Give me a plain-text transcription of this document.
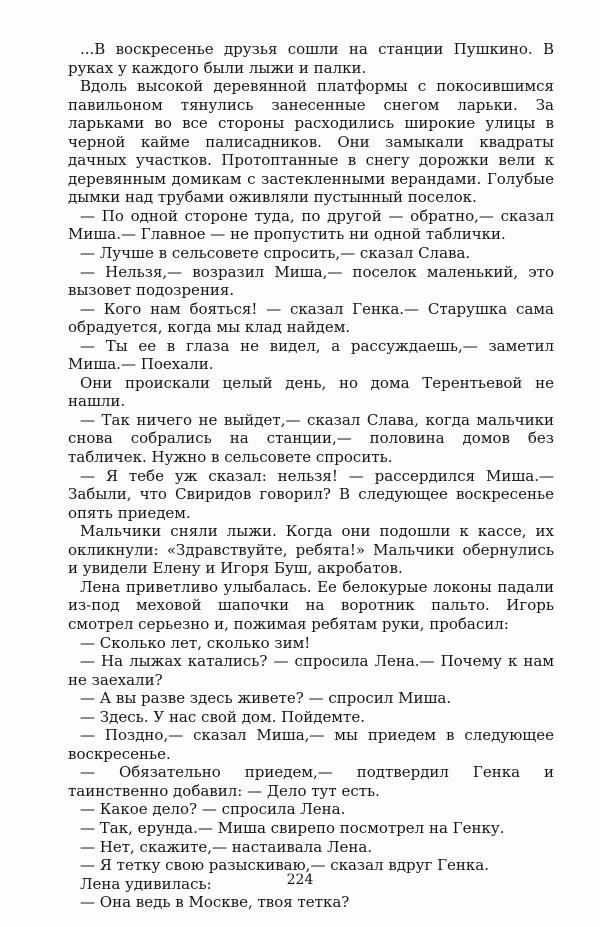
...В воскресенье друзья сошли на станции Пушкино. В руках у каждого были лыжи и палки.

Вдоль высокой деревянной платформы с покосившимся павильоном тянулись занесенные снегом ларьки. За ларьками во все стороны расходились широкие улицы в черной кайме палисадников. Они замыкали квадраты дачных участков. Протоптанные в снегу дорожки вели к деревянным домикам с застекленными верандами. Голубые дымки над трубами оживляли пустынный поселок.

— По одной стороне туда, по другой — обратно,— сказал Миша.— Главное — не пропустить ни одной таблички.

— Лучше в сельсовете спросить,— сказал Слава.

— Нельзя,— возразил Миша,— поселок маленький, это вызовет подозрения.

— Кого нам бояться! — сказал Генка.— Старушка сама обрадуется, когда мы клад найдем.

— Ты ее в глаза не видел, а рассуждаешь,— заметил Миша.— Поехали.

Они проискали целый день, но дома Терентьевой не нашли.

— Так ничего не выйдет,— сказал Слава, когда мальчики снова собрались на станции,— половина домов без табличек. Нужно в сельсовете спросить.

— Я тебе уж сказал: нельзя! — рассердился Миша.— Забыли, что Свиридов говорил? В следующее воскресенье опять приедем.

Мальчики сняли лыжи. Когда они подошли к кассе, их окликнули: «Здравствуйте, ребята!» Мальчики обернулись и увидели Елену и Игоря Буш, акробатов.

Лена приветливо улыбалась. Ее белокурые локоны падали из-под меховой шапочки на воротник пальто. Игорь смотрел серьезно и, пожимая ребятам руки, пробасил:

— Сколько лет, сколько зим!

— На лыжах катались? — спросила Лена.— Почему к нам не заехали?

— А вы разве здесь живете? — спросил Миша.

— Здесь. У нас свой дом. Пойдемте.

— Поздно,— сказал Миша,— мы приедем в следующее воскресенье.

— Обязательно приедем,— подтвердил Генка и таинственно добавил: — Дело тут есть.

— Какое дело? — спросила Лена.

— Так, ерунда.— Миша свирепо посмотрел на Генку.

— Нет, скажите,— настаивала Лена.

— Я тетку свою разыскиваю,— сказал вдруг Генка.

Лена удивилась:

— Она ведь в Москве, твоя тетка?

224
